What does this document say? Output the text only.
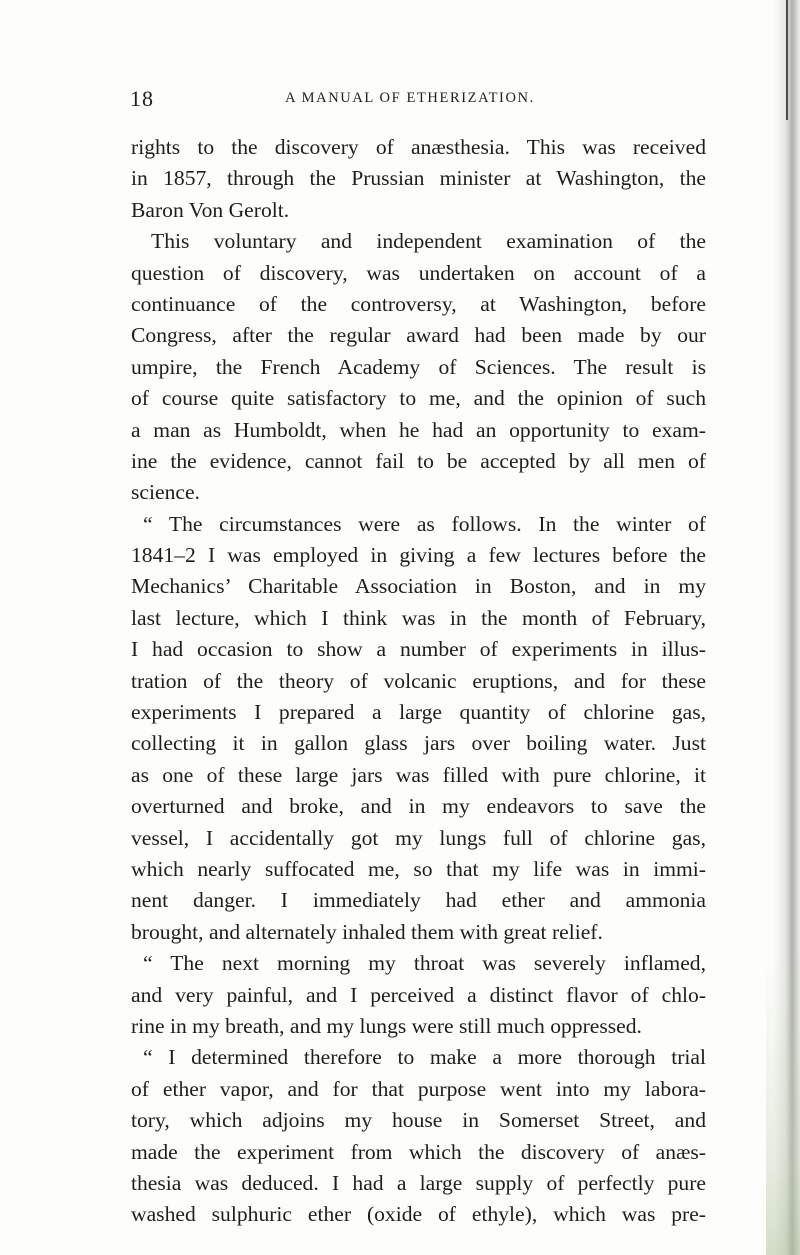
18	A MANUAL OF ETHERIZATION.
rights to the discovery of anæsthesia. This was received
in 1857, through the Prussian minister at Washington, the
Baron Von Gerolt.
This voluntary and independent examination of the
question of discovery, was undertaken on account of a
continuance of the controversy, at Washington, before
Congress, after the regular award had been made by our
umpire, the French Academy of Sciences. The result is
of course quite satisfactory to me, and the opinion of such
a man as Humboldt, when he had an opportunity to exam-
ine the evidence, cannot fail to be accepted by all men of
science.
“ The circumstances were as follows. In the winter of
1841–2 I was employed in giving a few lectures before the
Mechanics’ Charitable Association in Boston, and in my
last lecture, which I think was in the month of February,
I had occasion to show a number of experiments in illus-
tration of the theory of volcanic eruptions, and for these
experiments I prepared a large quantity of chlorine gas,
collecting it in gallon glass jars over boiling water. Just
as one of these large jars was filled with pure chlorine, it
overturned and broke, and in my endeavors to save the
vessel, I accidentally got my lungs full of chlorine gas,
which nearly suffocated me, so that my life was in immi-
nent danger. I immediately had ether and ammonia
brought, and alternately inhaled them with great relief.
“ The next morning my throat was severely inflamed,
and very painful, and I perceived a distinct flavor of chlo-
rine in my breath, and my lungs were still much oppressed.
“ I determined therefore to make a more thorough trial
of ether vapor, and for that purpose went into my labora-
tory, which adjoins my house in Somerset Street, and
made the experiment from which the discovery of anæs-
thesia was deduced. I had a large supply of perfectly pure
washed sulphuric ether (oxide of ethyle), which was pre-
